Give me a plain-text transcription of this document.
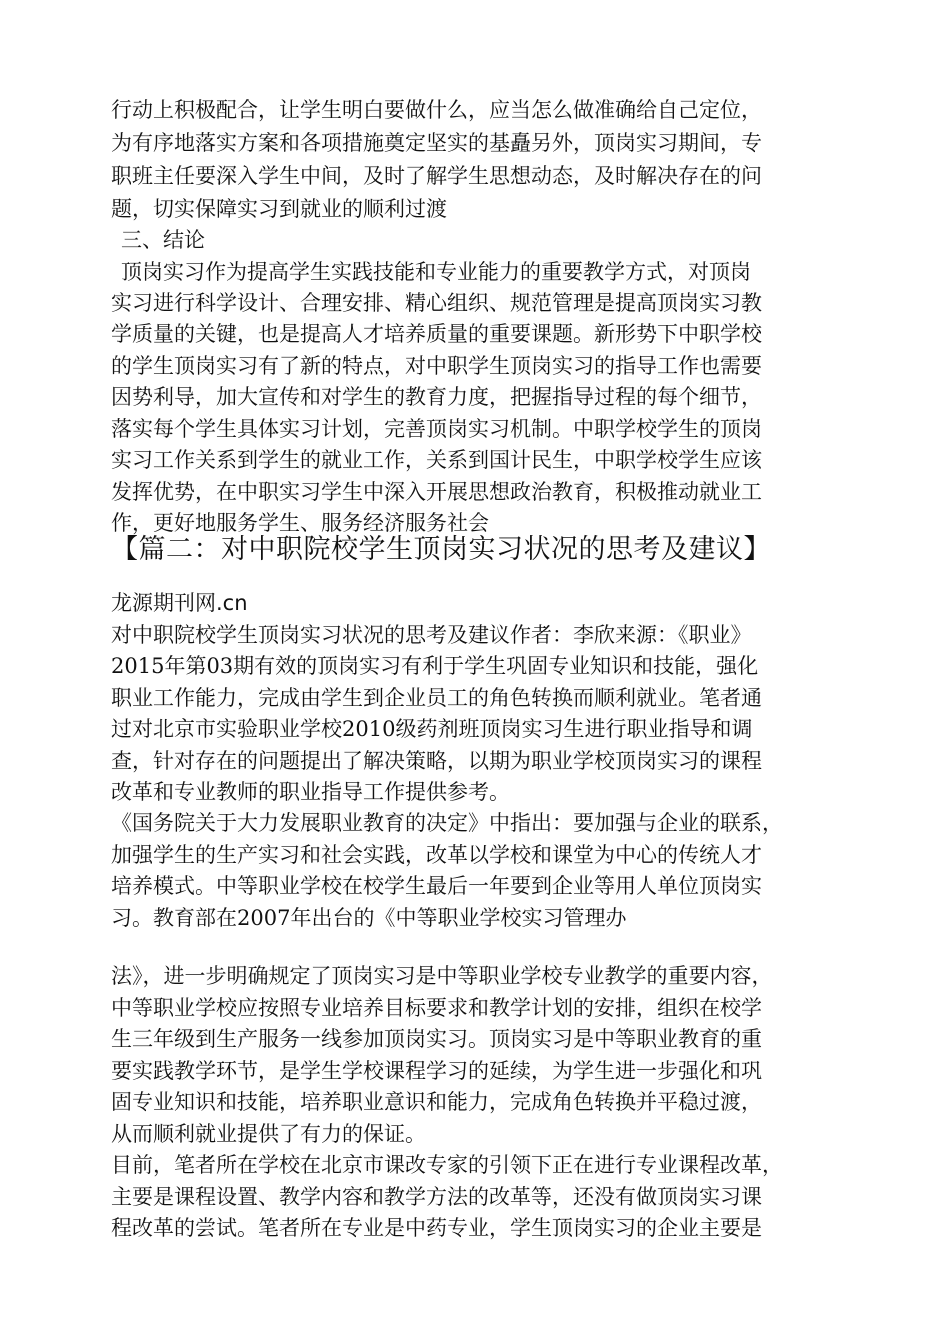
行动上积极配合，让学生明白要做什么，应当怎么做准确给自己定位，
为有序地落实方案和各项措施奠定坚实的基矗另外，顶岗实习期间，专
职班主任要深入学生中间，及时了解学生思想动态，及时解决存在的问
题，切实保障实习到就业的顺利过渡
三、结论
顶岗实习作为提高学生实践技能和专业能力的重要教学方式，对顶岗
实习进行科学设计、合理安排、精心组织、规范管理是提高顶岗实习教
学质量的关键，也是提高人才培养质量的重要课题。新形势下中职学校
的学生顶岗实习有了新的特点，对中职学生顶岗实习的指导工作也需要
因势利导，加大宣传和对学生的教育力度，把握指导过程的每个细节，
落实每个学生具体实习计划，完善顶岗实习机制。中职学校学生的顶岗
实习工作关系到学生的就业工作，关系到国计民生，中职学校学生应该
发挥优势，在中职实习学生中深入开展思想政治教育，积极推动就业工
作，更好地服务学生、服务经济服务社会
【篇二：对中职院校学生顶岗实习状况的思考及建议】
龙源期刊网.cn
对中职院校学生顶岗实习状况的思考及建议作者：李欣来源：《职业》
2015年第03期有效的顶岗实习有利于学生巩固专业知识和技能，强化
职业工作能力，完成由学生到企业员工的角色转换而顺利就业。笔者通
过对北京市实验职业学校2010级药剂班顶岗实习生进行职业指导和调
查，针对存在的问题提出了解决策略，以期为职业学校顶岗实习的课程
改革和专业教师的职业指导工作提供参考。
《国务院关于大力发展职业教育的决定》中指出：要加强与企业的联系，
加强学生的生产实习和社会实践，改革以学校和课堂为中心的传统人才
培养模式。中等职业学校在校学生最后一年要到企业等用人单位顶岗实
习。教育部在2007年出台的《中等职业学校实习管理办
法》，进一步明确规定了顶岗实习是中等职业学校专业教学的重要内容，
中等职业学校应按照专业培养目标要求和教学计划的安排，组织在校学
生三年级到生产服务一线参加顶岗实习。顶岗实习是中等职业教育的重
要实践教学环节，是学生学校课程学习的延续，为学生进一步强化和巩
固专业知识和技能，培养职业意识和能力，完成角色转换并平稳过渡，
从而顺利就业提供了有力的保证。
目前，笔者所在学校在北京市课改专家的引领下正在进行专业课程改革，
主要是课程设置、教学内容和教学方法的改革等，还没有做顶岗实习课
程改革的尝试。笔者所在专业是中药专业，学生顶岗实习的企业主要是
